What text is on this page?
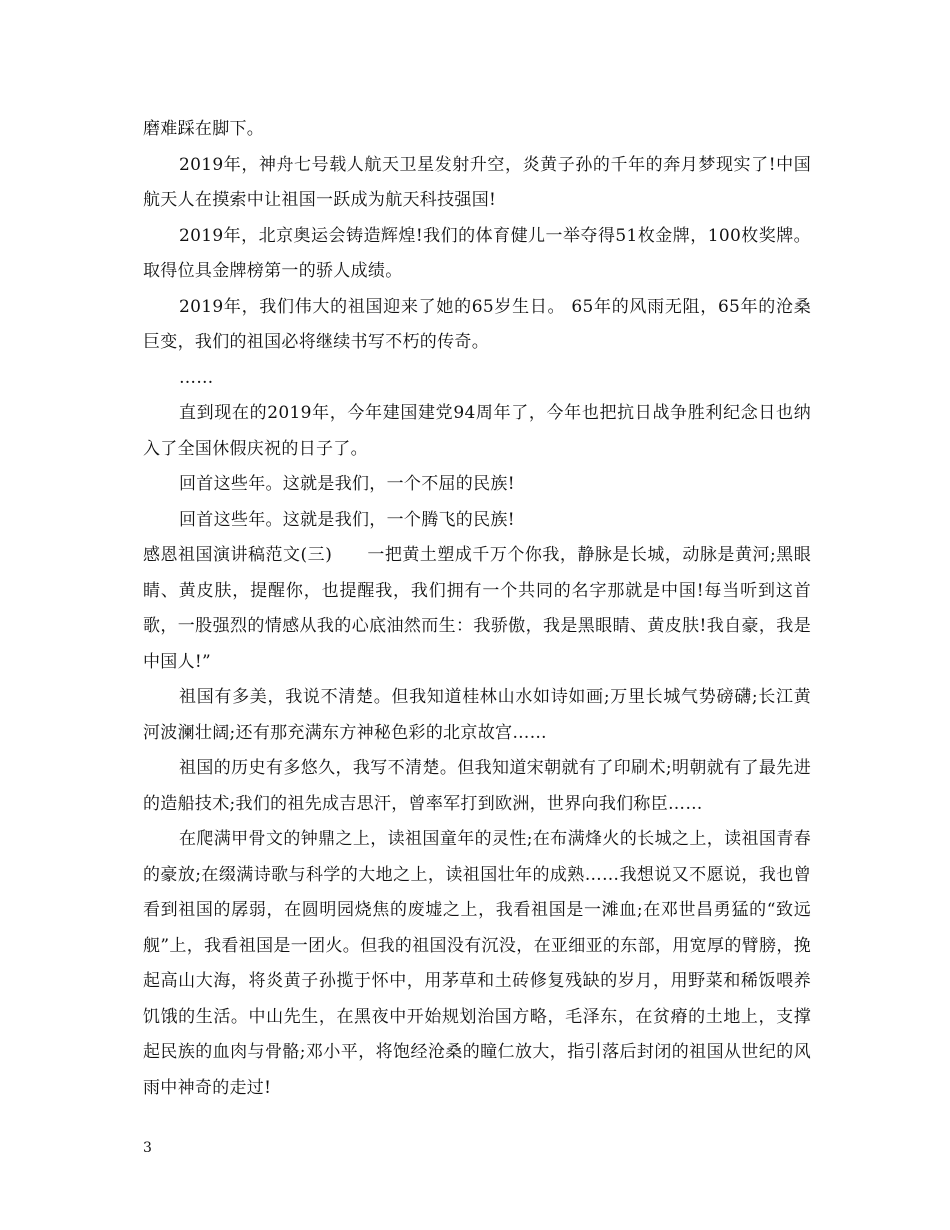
磨难踩在脚下。

2019年，神舟七号载人航天卫星发射升空，炎黄子孙的千年的奔月梦现实了!中国航天人在摸索中让祖国一跃成为航天科技强国!

2019年，北京奥运会铸造辉煌!我们的体育健儿一举夺得51枚金牌，100枚奖牌。取得位具金牌榜第一的骄人成绩。

2019年，我们伟大的祖国迎来了她的65岁生日。 65年的风雨无阻，65年的沧桑巨变，我们的祖国必将继续书写不朽的传奇。

……

直到现在的2019年，今年建国建党94周年了，今年也把抗日战争胜利纪念日也纳入了全国休假庆祝的日子了。

回首这些年。这就是我们，一个不屈的民族!

回首这些年。这就是我们，一个腾飞的民族!

感恩祖国演讲稿范文(三)　　一把黄土塑成千万个你我，静脉是长城，动脉是黄河;黑眼睛、黄皮肤，提醒你，也提醒我，我们拥有一个共同的名字那就是中国!每当听到这首歌，一股强烈的情感从我的心底油然而生：我骄傲，我是黑眼睛、黄皮肤!我自豪，我是中国人!”

祖国有多美，我说不清楚。但我知道桂林山水如诗如画;万里长城气势磅礴;长江黄河波澜壮阔;还有那充满东方神秘色彩的北京故宫……

祖国的历史有多悠久，我写不清楚。但我知道宋朝就有了印刷术;明朝就有了最先进的造船技术;我们的祖先成吉思汗，曾率军打到欧洲，世界向我们称臣……

在爬满甲骨文的钟鼎之上，读祖国童年的灵性;在布满烽火的长城之上，读祖国青春的豪放;在缀满诗歌与科学的大地之上，读祖国壮年的成熟……我想说又不愿说，我也曾看到祖国的孱弱，在圆明园烧焦的废墟之上，我看祖国是一滩血;在邓世昌勇猛的“致远舰”上，我看祖国是一团火。但我的祖国没有沉没，在亚细亚的东部，用宽厚的臂膀，挽起高山大海，将炎黄子孙揽于怀中，用茅草和土砖修复残缺的岁月，用野菜和稀饭喂养饥饿的生活。中山先生，在黑夜中开始规划治国方略，毛泽东，在贫瘠的土地上，支撑起民族的血肉与骨骼;邓小平，将饱经沧桑的瞳仁放大，指引落后封闭的祖国从世纪的风雨中神奇的走过!

3
